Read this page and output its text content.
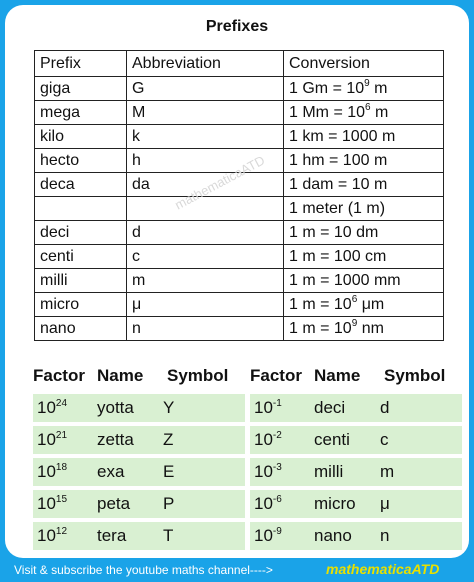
Prefixes
Prefix	Abbreviation	Conversion
giga	G	1 $Gm = 10^9$ m
mega	M	1 $Mm = 10^6$ m
kilo	k	1 km = 1000 m
hecto	h	1 hm = 100 m
deca	da	1 dam = 10 m
		1 meter (1 m)
deci	d	1 m = 10 dm
centi	c	1 m = 100 cm
milli	m	1 m = 1000 mm
micro	μ	1 $m = 10^6$ μm
nano	n	1 $m = 10^9$ nm
mathematicaATD
Factor Name	Symbol
$10^{24}$	yotta	Y
$10^{21}$	zetta	Z
$10^{18}$	exa	E
$10^{15}$	peta	P
$10^{12}$	tera	T
Factor Name	Symbol
$10^{-1}$	deci	d
$10^{-2}$	centi	c
$10^{-3}$	milli	m
$10^{-6}$	micro	μ
$10^{-9}$	nano	n
Visit & subscribe the youtube maths channel---->	mathematicaATD
